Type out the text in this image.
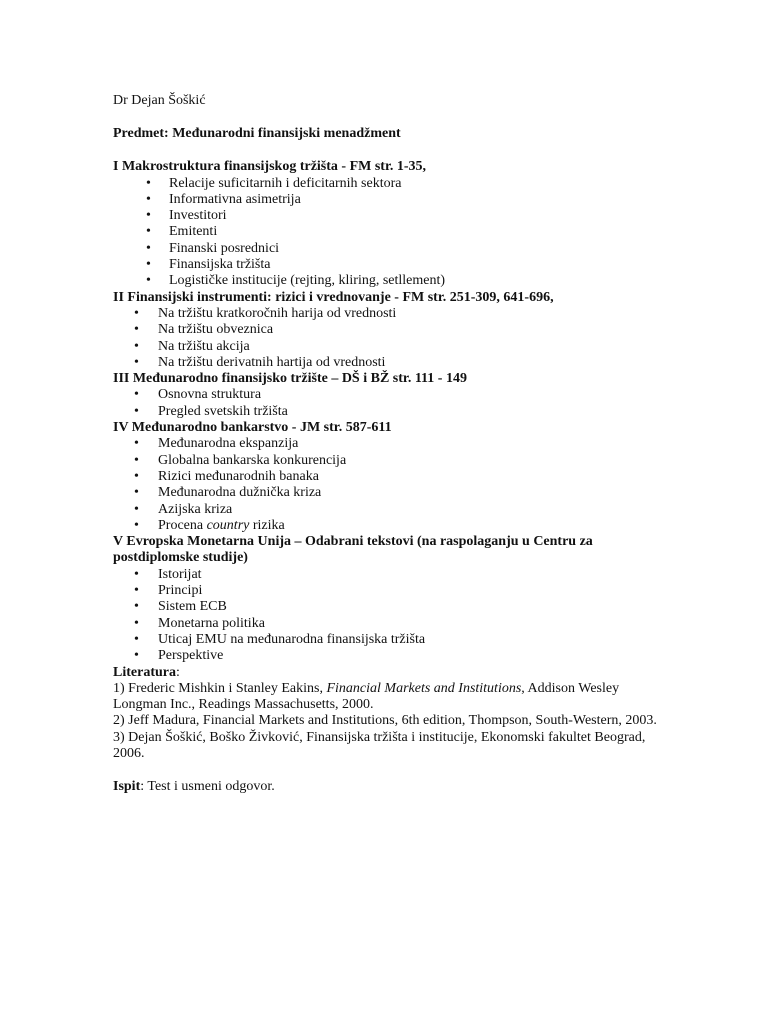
Dr Dejan Šoškić

Predmet: Međunarodni finansijski menadžment

I Makrostruktura finansijskog tržišta - FM str. 1-35,

• Relacije suficitarnih i deficitarnih sektora
• Informativna asimetrija
• Investitori
• Emitenti
• Finanski posrednici
• Finansijska tržišta
• Logističke institucije (rejting, kliring, setllement)

II Finansijski instrumenti: rizici i vrednovanje - FM str. 251-309, 641-696,

• Na tržištu kratkoročnih harija od vrednosti
• Na tržištu obveznica
• Na tržištu akcija
• Na tržištu derivatnih hartija od vrednosti

III Međunarodno finansijsko tržište – DŠ i BŽ str. 111 - 149

• Osnovna struktura
• Pregled svetskih tržišta

IV Međunarodno bankarstvo - JM str. 587-611

• Međunarodna ekspanzija
• Globalna bankarska konkurencija
• Rizici međunarodnih banaka
• Međunarodna dužnička kriza
• Azijska kriza
• Procena country rizika

V Evropska Monetarna Unija – Odabrani tekstovi (na raspolaganju u Centru za postdiplomske studije)

• Istorijat
• Principi
• Sistem ECB
• Monetarna politika
• Uticaj EMU na međunarodna finansijska tržišta
• Perspektive

Literatura:

1) Frederic Mishkin i Stanley Eakins, Financial Markets and Institutions, Addison Wesley Longman Inc., Readings Massachusetts, 2000.

2) Jeff Madura, Financial Markets and Institutions, 6th edition, Thompson, South-Western, 2003.

3) Dejan Šoškić, Boško Živković, Finansijska tržišta i institucije, Ekonomski fakultet Beograd, 2006.

Ispit: Test i usmeni odgovor.
